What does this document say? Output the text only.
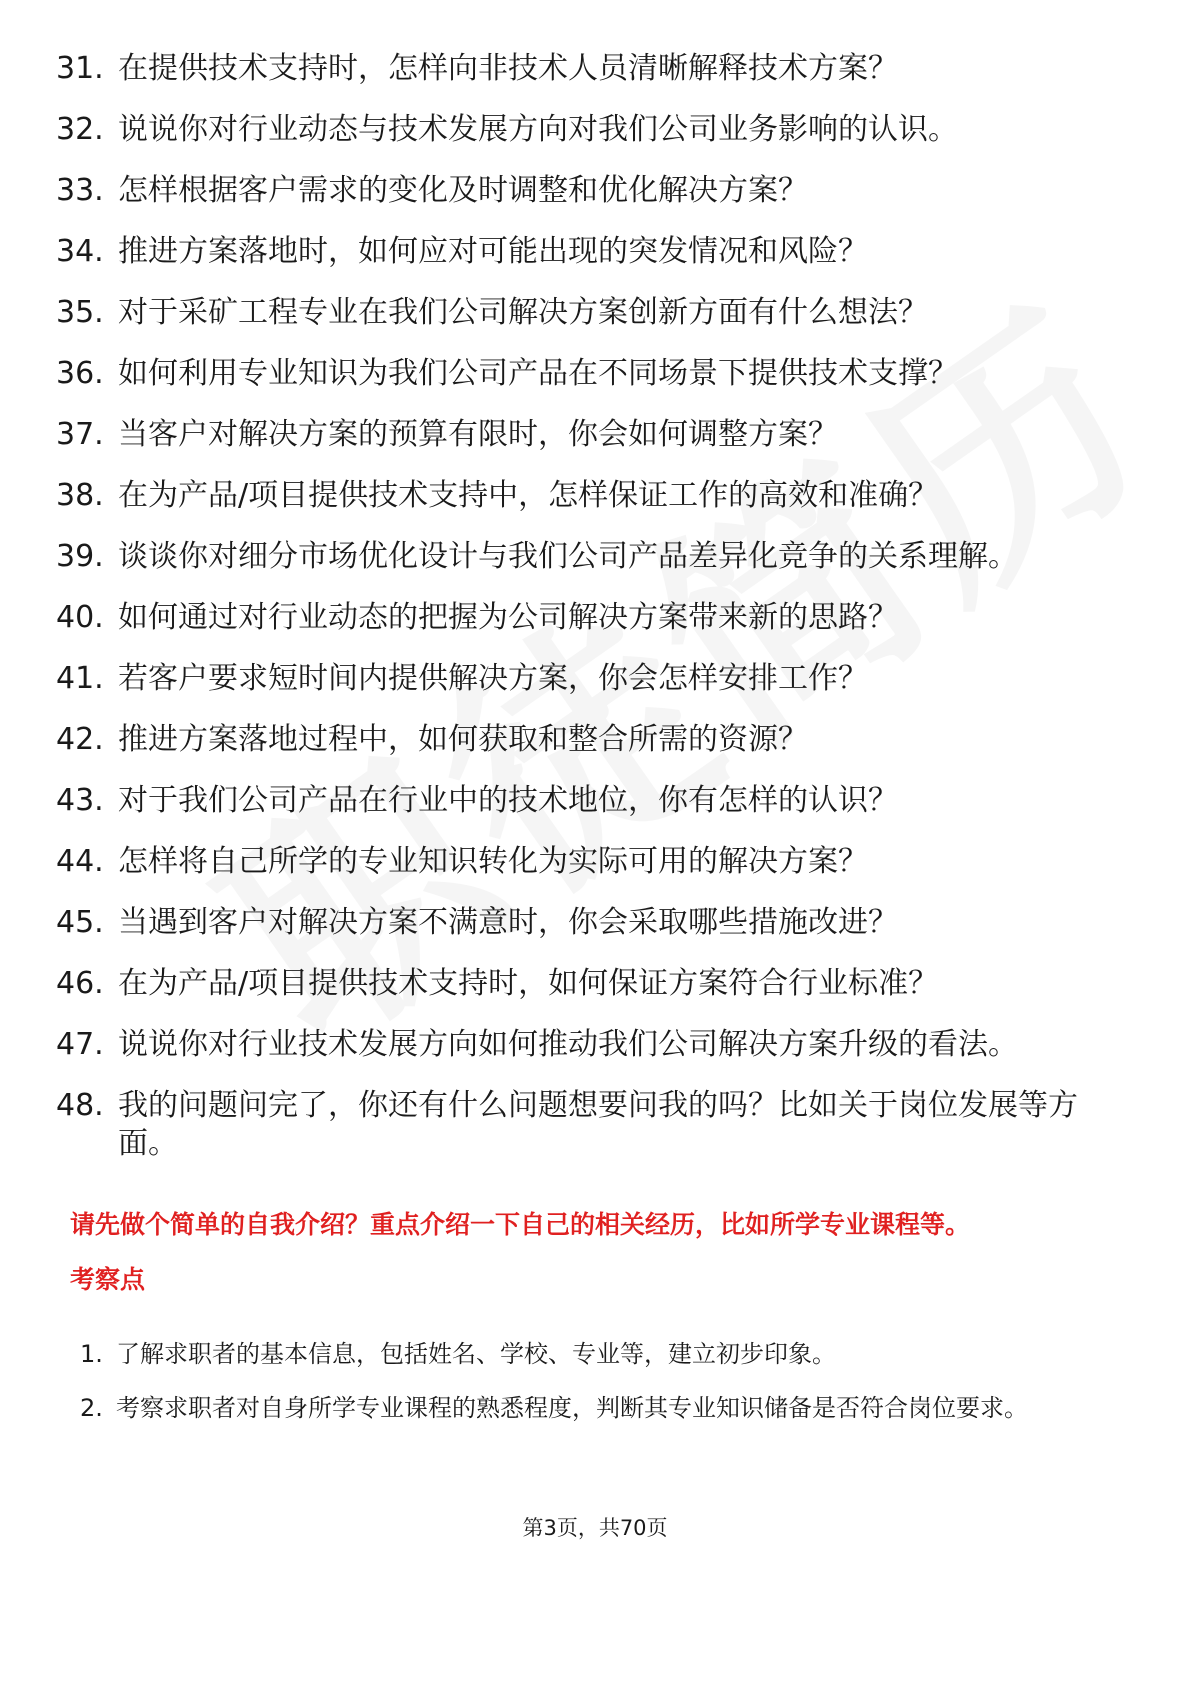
31. 在提供技术支持时，怎样向非技术人员清晰解释技术方案？
32. 说说你对行业动态与技术发展方向对我们公司业务影响的认识。
33. 怎样根据客户需求的变化及时调整和优化解决方案？
34. 推进方案落地时，如何应对可能出现的突发情况和风险？
35. 对于采矿工程专业在我们公司解决方案创新方面有什么想法？
36. 如何利用专业知识为我们公司产品在不同场景下提供技术支撑？
37. 当客户对解决方案的预算有限时，你会如何调整方案？
38. 在为产品/项目提供技术支持中，怎样保证工作的高效和准确？
39. 谈谈你对细分市场优化设计与我们公司产品差异化竞争的关系理解。
40. 如何通过对行业动态的把握为公司解决方案带来新的思路？
41. 若客户要求短时间内提供解决方案，你会怎样安排工作？
42. 推进方案落地过程中，如何获取和整合所需的资源？
43. 对于我们公司产品在行业中的技术地位，你有怎样的认识？
44. 怎样将自己所学的专业知识转化为实际可用的解决方案？
45. 当遇到客户对解决方案不满意时，你会采取哪些措施改进？
46. 在为产品/项目提供技术支持时，如何保证方案符合行业标准？
47. 说说你对行业技术发展方向如何推动我们公司解决方案升级的看法。
48. 我的问题问完了，你还有什么问题想要问我的吗？比如关于岗位发展等方面。

请先做个简单的自我介绍？重点介绍一下自己的相关经历，比如所学专业课程等。

考察点
1. 了解求职者的基本信息，包括姓名、学校、专业等，建立初步印象。
2. 考察求职者对自身所学专业课程的熟悉程度，判断其专业知识储备是否符合岗位要求。
第3页，共70页
